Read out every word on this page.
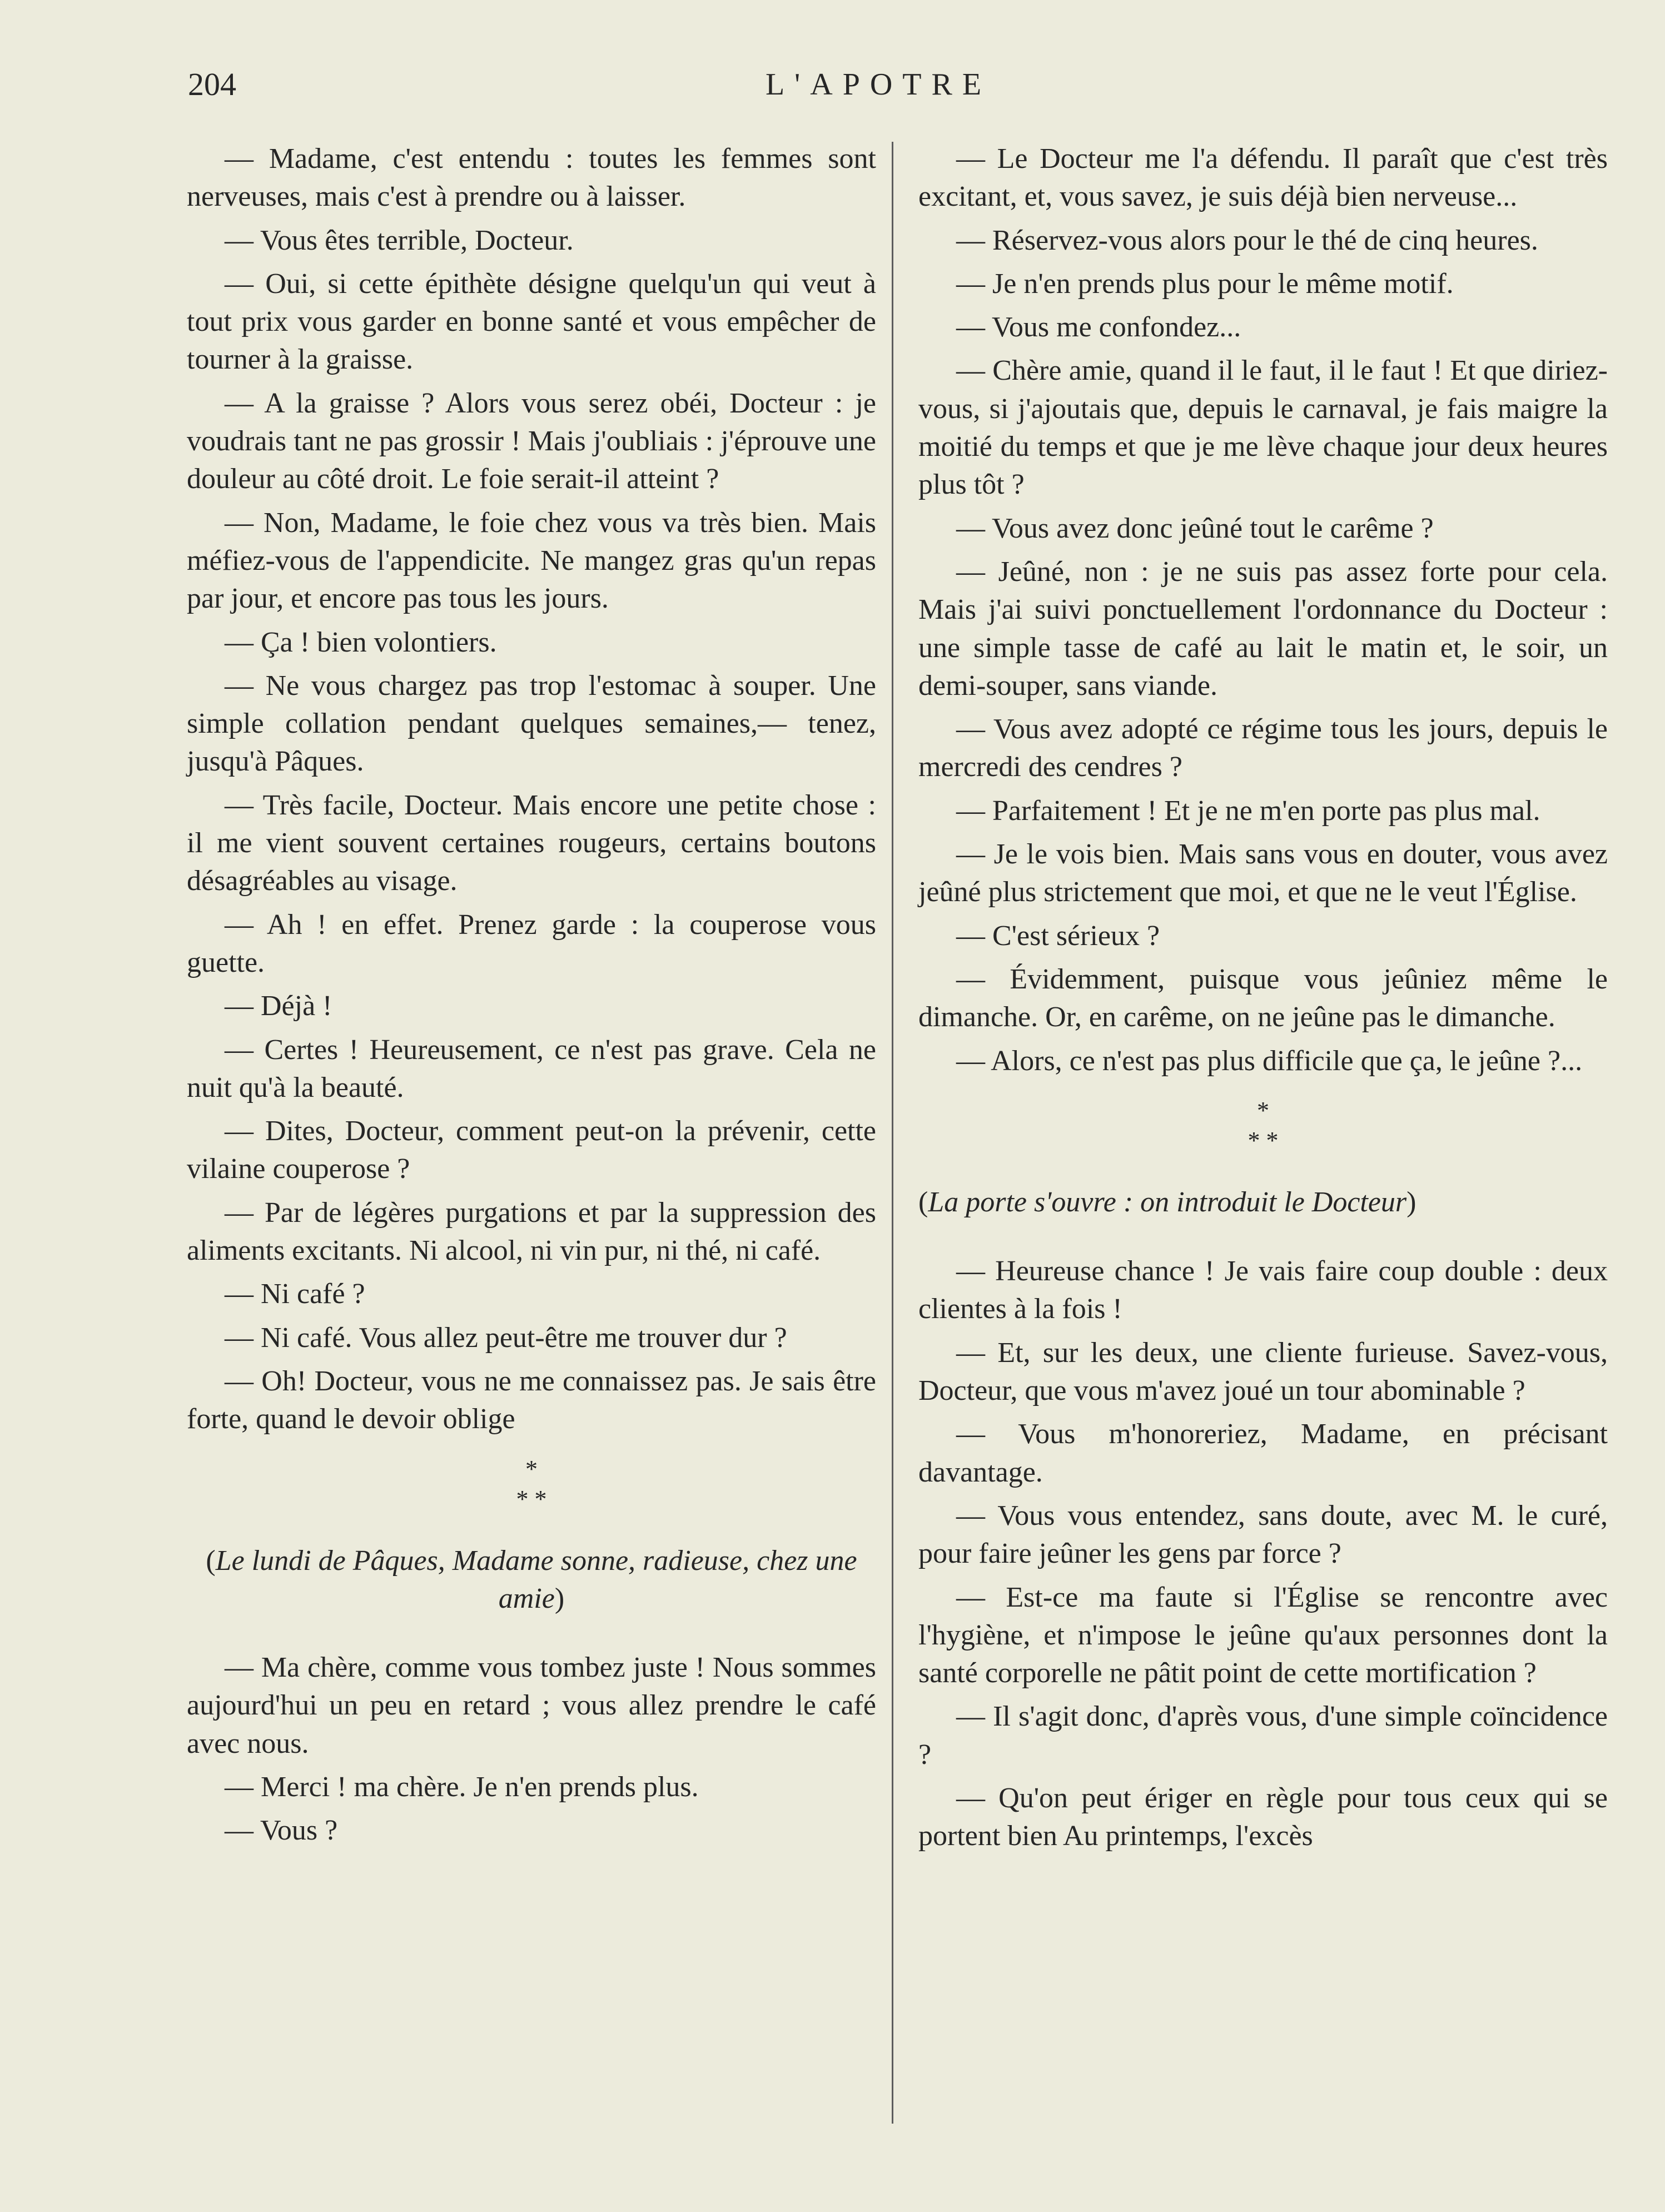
204	L'APOTRE

— Madame, c'est entendu : toutes les femmes sont nerveuses, mais c'est à prendre ou à laisser.

— Vous êtes terrible, Docteur.

— Oui, si cette épithète désigne quelqu'un qui veut à tout prix vous garder en bonne santé et vous empêcher de tourner à la graisse.

— A la graisse ? Alors vous serez obéi, Docteur : je voudrais tant ne pas grossir ! Mais j'oubliais : j'éprouve une douleur au côté droit. Le foie serait-il atteint ?

— Non, Madame, le foie chez vous va très bien. Mais méfiez-vous de l'appendicite. Ne mangez gras qu'un repas par jour, et encore pas tous les jours.

— Ça ! bien volontiers.

— Ne vous chargez pas trop l'estomac à souper. Une simple collation pendant quelques semaines,— tenez, jusqu'à Pâques.

— Très facile, Docteur. Mais encore une petite chose : il me vient souvent certaines rougeurs, certains boutons désagréables au visage.

— Ah ! en effet. Prenez garde : la couperose vous guette.

— Déjà !

— Certes ! Heureusement, ce n'est pas grave. Cela ne nuit qu'à la beauté.

— Dites, Docteur, comment peut-on la prévenir, cette vilaine couperose ?

— Par de légères purgations et par la suppression des aliments excitants. Ni alcool, ni vin pur, ni thé, ni café.

— Ni café ?

— Ni café. Vous allez peut-être me trouver dur ?

— Oh! Docteur, vous ne me connaissez pas. Je sais être forte, quand le devoir oblige

*
* *

(Le lundi de Pâques, Madame sonne, radieuse, chez une amie)

— Ma chère, comme vous tombez juste ! Nous sommes aujourd'hui un peu en retard ; vous allez prendre le café avec nous.

— Merci ! ma chère. Je n'en prends plus.

— Vous ?

— Le Docteur me l'a défendu. Il paraît que c'est très excitant, et, vous savez, je suis déjà bien nerveuse...

— Réservez-vous alors pour le thé de cinq heures.

— Je n'en prends plus pour le même motif.

— Vous me confondez...

— Chère amie, quand il le faut, il le faut ! Et que diriez-vous, si j'ajoutais que, depuis le carnaval, je fais maigre la moitié du temps et que je me lève chaque jour deux heures plus tôt ?

— Vous avez donc jeûné tout le carême ?

— Jeûné, non : je ne suis pas assez forte pour cela. Mais j'ai suivi ponctuellement l'ordonnance du Docteur : une simple tasse de café au lait le matin et, le soir, un demi-souper, sans viande.

— Vous avez adopté ce régime tous les jours, depuis le mercredi des cendres ?

— Parfaitement ! Et je ne m'en porte pas plus mal.

— Je le vois bien. Mais sans vous en douter, vous avez jeûné plus strictement que moi, et que ne le veut l'Église.

— C'est sérieux ?

— Évidemment, puisque vous jeûniez même le dimanche. Or, en carême, on ne jeûne pas le dimanche.

— Alors, ce n'est pas plus difficile que ça, le jeûne ?...

*
* *

(La porte s'ouvre : on introduit le Docteur)

— Heureuse chance ! Je vais faire coup double : deux clientes à la fois !

— Et, sur les deux, une cliente furieuse. Savez-vous, Docteur, que vous m'avez joué un tour abominable ?

— Vous m'honoreriez, Madame, en précisant davantage.

— Vous vous entendez, sans doute, avec M. le curé, pour faire jeûner les gens par force ?

— Est-ce ma faute si l'Église se rencontre avec l'hygiène, et n'impose le jeûne qu'aux personnes dont la santé corporelle ne pâtit point de cette mortification ?

— Il s'agit donc, d'après vous, d'une simple coïncidence ?

— Qu'on peut ériger en règle pour tous ceux qui se portent bien Au printemps, l'excès
